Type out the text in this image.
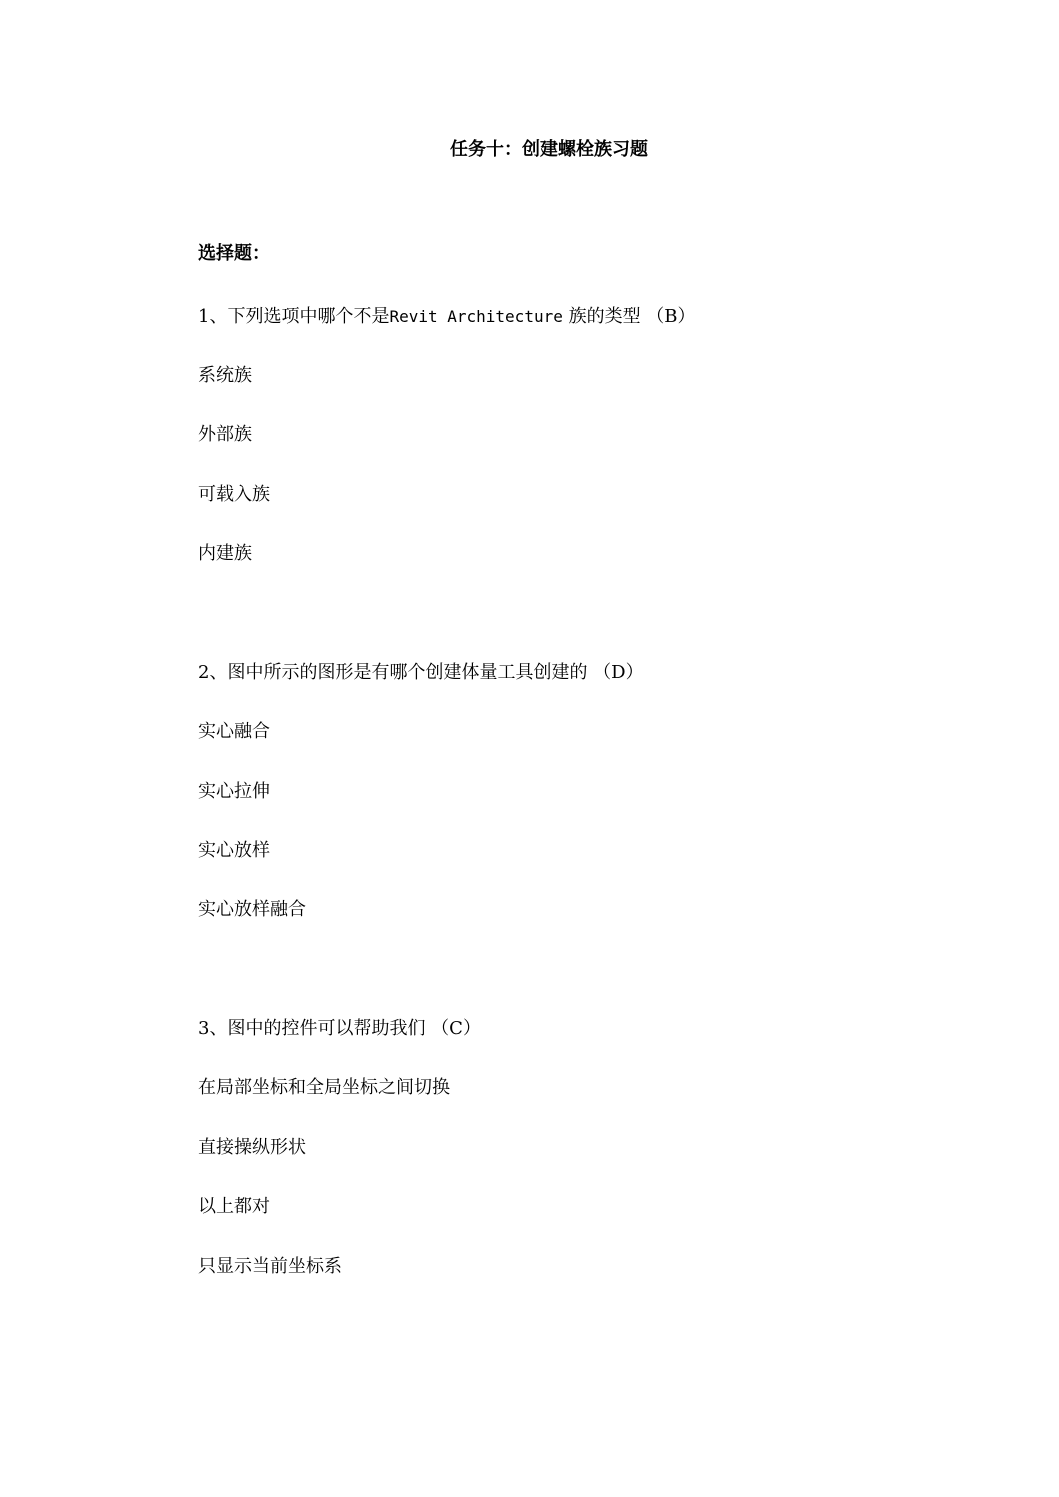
任务十：创建螺栓族习题
选择题：
1、下列选项中哪个不是Revit Architecture 族的类型 （B）
系统族
外部族
可载入族
内建族
2、图中所示的图形是有哪个创建体量工具创建的 （D）
实心融合
实心拉伸
实心放样
实心放样融合
3、图中的控件可以帮助我们 （C）
在局部坐标和全局坐标之间切换
直接操纵形状
以上都对
只显示当前坐标系
